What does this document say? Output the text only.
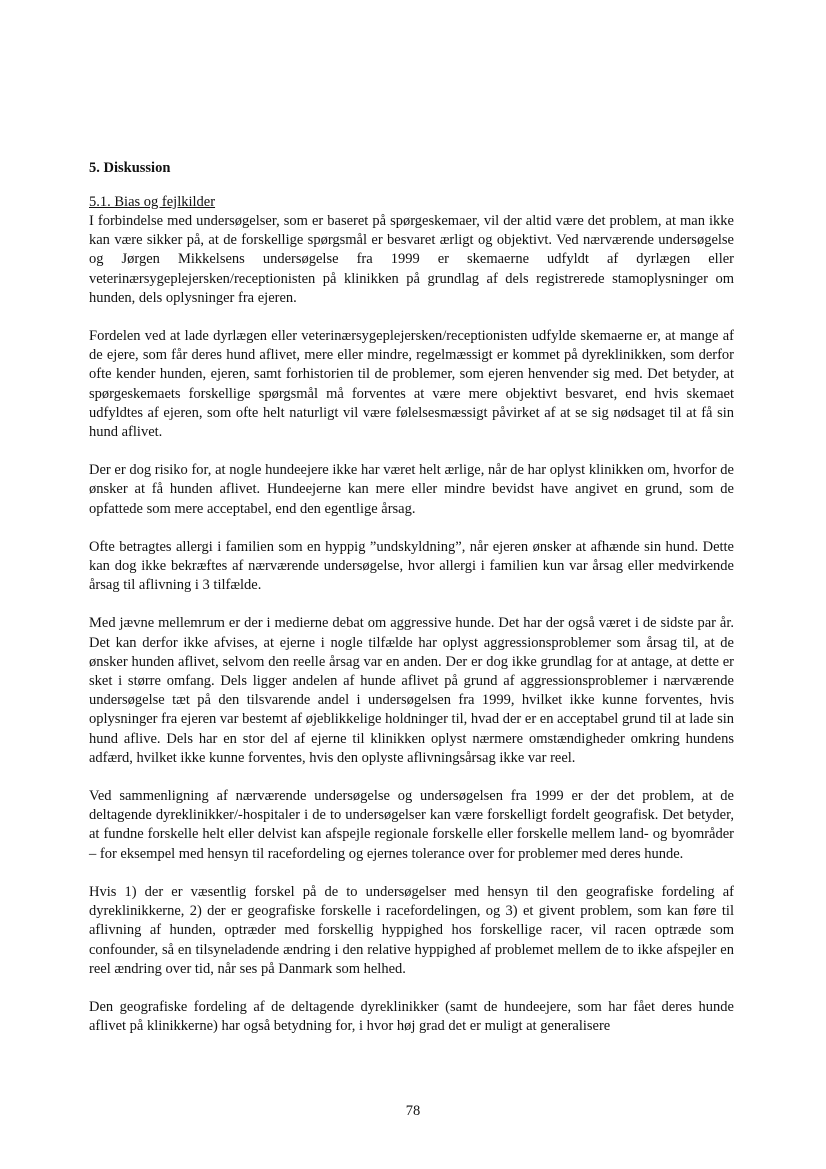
5. Diskussion
5.1. Bias og fejlkilder

I forbindelse med undersøgelser, som er baseret på spørgeskemaer, vil der altid være det problem, at man ikke kan være sikker på, at de forskellige spørgsmål er besvaret ærligt og objektivt. Ved nærværende undersøgelse og Jørgen Mikkelsens undersøgelse fra 1999 er skemaerne udfyldt af dyrlægen eller veterinærsygeplejersken/receptionisten på klinikken på grundlag af dels registrerede stamoplysninger om hunden, dels oplysninger fra ejeren.

Fordelen ved at lade dyrlægen eller veterinærsygeplejersken/receptionisten udfylde skemaerne er, at mange af de ejere, som får deres hund aflivet, mere eller mindre, regelmæssigt er kommet på dyreklinikken, som derfor ofte kender hunden, ejeren, samt forhistorien til de problemer, som ejeren henvender sig med. Det betyder, at spørgeskemaets forskellige spørgsmål må forventes at være mere objektivt besvaret, end hvis skemaet udfyldtes af ejeren, som ofte helt naturligt vil være følelsesmæssigt påvirket af at se sig nødsaget til at få sin hund aflivet.

Der er dog risiko for, at nogle hundeejere ikke har været helt ærlige, når de har oplyst klinikken om, hvorfor de ønsker at få hunden aflivet. Hundeejerne kan mere eller mindre bevidst have angivet en grund, som de opfattede som mere acceptabel, end den egentlige årsag.

Ofte betragtes allergi i familien som en hyppig ”undskyldning”, når ejeren ønsker at afhænde sin hund. Dette kan dog ikke bekræftes af nærværende undersøgelse, hvor allergi i familien kun var årsag eller medvirkende årsag til aflivning i 3 tilfælde.

Med jævne mellemrum er der i medierne debat om aggressive hunde. Det har der også været i de sidste par år. Det kan derfor ikke afvises, at ejerne i nogle tilfælde har oplyst aggressionsproblemer som årsag til, at de ønsker hunden aflivet, selvom den reelle årsag var en anden. Der er dog ikke grundlag for at antage, at dette er sket i større omfang. Dels ligger andelen af hunde aflivet på grund af aggressionsproblemer i nærværende undersøgelse tæt på den tilsvarende andel i undersøgelsen fra 1999, hvilket ikke kunne forventes, hvis oplysninger fra ejeren var bestemt af øjeblikkelige holdninger til, hvad der er en acceptabel grund til at lade sin hund aflive. Dels har en stor del af ejerne til klinikken oplyst nærmere omstændigheder omkring hundens adfærd, hvilket ikke kunne forventes, hvis den oplyste aflivningsårsag ikke var reel.

Ved sammenligning af nærværende undersøgelse og undersøgelsen fra 1999 er der det problem, at de deltagende dyreklinikker/-hospitaler i de to undersøgelser kan være forskelligt fordelt geografisk. Det betyder, at fundne forskelle helt eller delvist kan afspejle regionale forskelle eller forskelle mellem land- og byområder – for eksempel med hensyn til racefordeling og ejernes tolerance over for problemer med deres hunde.

Hvis 1) der er væsentlig forskel på de to undersøgelser med hensyn til den geografiske fordeling af dyreklinikkerne, 2) der er geografiske forskelle i racefordelingen, og 3) et givent problem, som kan føre til aflivning af hunden, optræder med forskellig hyppighed hos forskellige racer, vil racen optræde som confounder, så en tilsyneladende ændring i den relative hyppighed af problemet mellem de to ikke afspejler en reel ændring over tid, når ses på Danmark som helhed.

Den geografiske fordeling af de deltagende dyreklinikker (samt de hundeejere, som har fået deres hunde aflivet på klinikkerne) har også betydning for, i hvor høj grad det er muligt at generalisere

78
